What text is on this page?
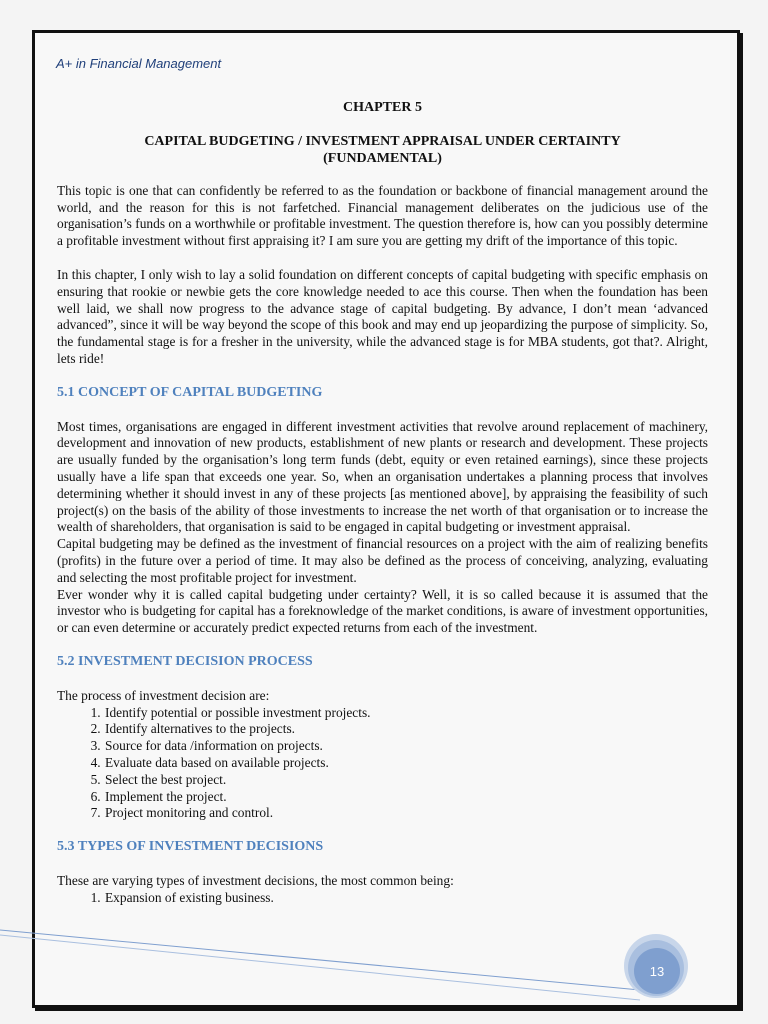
A+ in Financial Management
CHAPTER 5
CAPITAL BUDGETING / INVESTMENT APPRAISAL UNDER CERTAINTY
(FUNDAMENTAL)

This topic is one that can confidently be referred to as the foundation or backbone of financial management around the world, and the reason for this is not farfetched. Financial management deliberates on the judicious use of the organisation’s funds on a worthwhile or profitable investment. The question therefore is, how can you possibly determine a profitable investment without first appraising it? I am sure you are getting my drift of the importance of this topic.

In this chapter, I only wish to lay a solid foundation on different concepts of capital budgeting with specific emphasis on ensuring that rookie or newbie gets the core knowledge needed to ace this course. Then when the foundation has been well laid, we shall now progress to the advance stage of capital budgeting. By advance, I don’t mean ‘advanced advanced”, since it will be way beyond the scope of this book and may end up jeopardizing the purpose of simplicity. So, the fundamental stage is for a fresher in the university, while the advanced stage is for MBA students, got that?. Alright, lets ride!

5.1 CONCEPT OF CAPITAL BUDGETING

Most times, organisations are engaged in different investment activities that revolve around replacement of machinery, development and innovation of new products, establishment of new plants or research and development. These projects are usually funded by the organisation’s long term funds (debt, equity or even retained earnings), since these projects usually have a life span that exceeds one year. So, when an organisation undertakes a planning process that involves determining whether it should invest in any of these projects [as mentioned above], by appraising the feasibility of such project(s) on the basis of the ability of those investments to increase the net worth of that organisation or to increase the wealth of shareholders, that organisation is said to be engaged in capital budgeting or investment appraisal.

Capital budgeting may be defined as the investment of financial resources on a project with the aim of realizing benefits (profits) in the future over a period of time. It may also be defined as the process of conceiving, analyzing, evaluating and selecting the most profitable project for investment.

Ever wonder why it is called capital budgeting under certainty? Well, it is so called because it is assumed that the investor who is budgeting for capital has a foreknowledge of the market conditions, is aware of investment opportunities, or can even determine or accurately predict expected returns from each of the investment.

5.2 INVESTMENT DECISION PROCESS

The process of investment decision are:

1. Identify potential or possible investment projects.
2. Identify alternatives to the projects.
3. Source for data /information on projects.
4. Evaluate data based on available projects.
5. Select the best project.
6. Implement the project.
7. Project monitoring and control.
5.3 TYPES OF INVESTMENT DECISIONS

These are varying types of investment decisions, the most common being:

1. Expansion of existing business.
13
